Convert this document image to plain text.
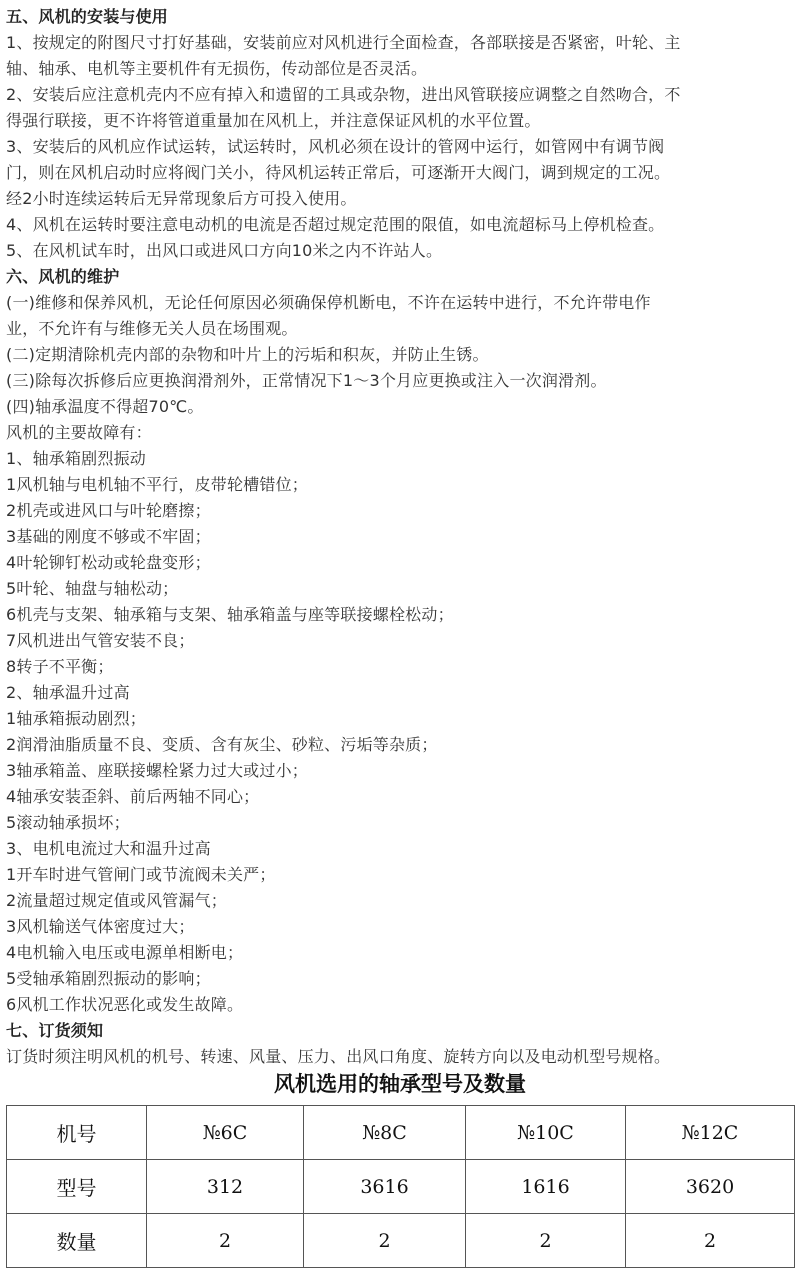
五、风机的安装与使用
1、按规定的附图尺寸打好基础，安装前应对风机进行全面检查，各部联接是否紧密，叶轮、主
轴、轴承、电机等主要机件有无损伤，传动部位是否灵活。
2、安装后应注意机壳内不应有掉入和遗留的工具或杂物，进出风管联接应调整之自然吻合，不
得强行联接，更不许将管道重量加在风机上，并注意保证风机的水平位置。
3、安装后的风机应作试运转，试运转时，风机必须在设计的管网中运行，如管网中有调节阀
门，则在风机启动时应将阀门关小，待风机运转正常后，可逐渐开大阀门，调到规定的工况。
经2小时连续运转后无异常现象后方可投入使用。
4、风机在运转时要注意电动机的电流是否超过规定范围的限值，如电流超标马上停机检查。
5、在风机试车时，出风口或进风口方向10米之内不许站人。
六、风机的维护
(一)维修和保养风机，无论任何原因必须确保停机断电，不许在运转中进行，不允许带电作
业，不允许有与维修无关人员在场围观。
(二)定期清除机壳内部的杂物和叶片上的污垢和积灰，并防止生锈。
(三)除每次拆修后应更换润滑剂外，正常情况下1～3个月应更换或注入一次润滑剂。
(四)轴承温度不得超70℃。
风机的主要故障有：
1、轴承箱剧烈振动
1风机轴与电机轴不平行，皮带轮槽错位；
2机壳或进风口与叶轮磨擦；
3基础的刚度不够或不牢固；
4叶轮铆钉松动或轮盘变形；
5叶轮、轴盘与轴松动；
6机壳与支架、轴承箱与支架、轴承箱盖与座等联接螺栓松动；
7风机进出气管安装不良；
8转子不平衡；
2、轴承温升过高
1轴承箱振动剧烈；
2润滑油脂质量不良、变质、含有灰尘、砂粒、污垢等杂质；
3轴承箱盖、座联接螺栓紧力过大或过小；
4轴承安装歪斜、前后两轴不同心；
5滚动轴承损坏；
3、电机电流过大和温升过高
1开车时进气管闸门或节流阀未关严；
2流量超过规定值或风管漏气；
3风机输送气体密度过大；
4电机输入电压或电源单相断电；
5受轴承箱剧烈振动的影响；
6风机工作状况恶化或发生故障。
七、订货须知
订货时须注明风机的机号、转速、风量、压力、出风口角度、旋转方向以及电动机型号规格。
风机选用的轴承型号及数量
机号	№6C	№8C	№10C	№12C
型号	312	3616	1616	3620
数量	2	2	2	2
